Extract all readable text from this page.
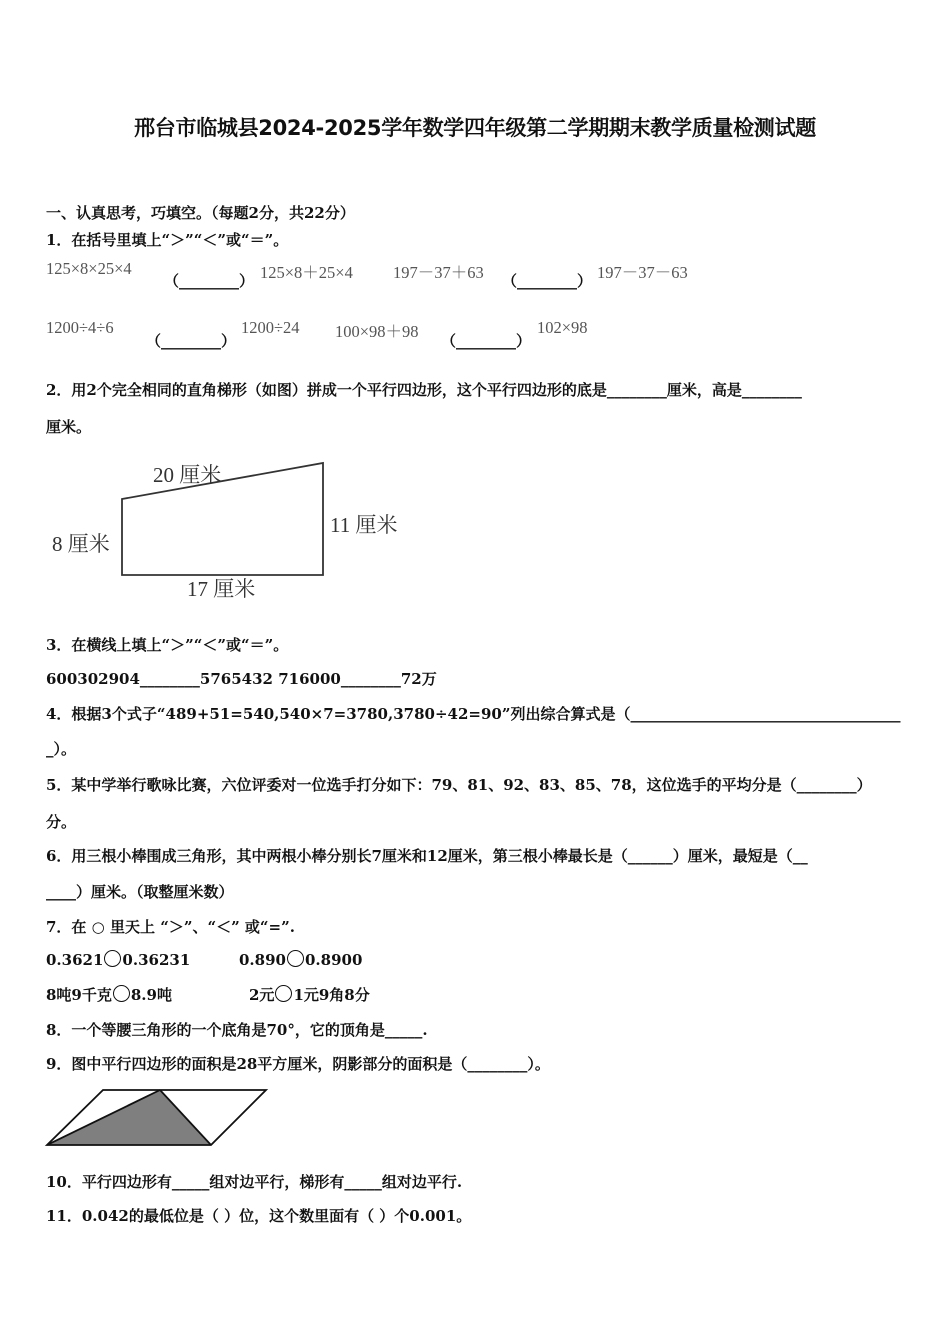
邢台市临城县2024-2025学年数学四年级第二学期期末教学质量检测试题
一、认真思考，巧填空。（每题2分，共22分）
1．在括号里填上“＞”“＜”或“＝”。
125×8×25×4
（________） 125×8＋25×4 197－37＋63 （________） 197－37－63
1200÷4÷6
（________）
1200÷24 100×98＋98 （________）
102×98
2．用2个完全相同的直角梯形（如图）拼成一个平行四边形，这个平行四边形的底是________厘米，高是________
厘米。
20 厘米
8 厘米
11 厘米
17 厘米
3．在横线上填上“＞”“＜”或“＝”。
600302904________5765432 716000________72万
4．根据3个式子“489+51=540,540×7=3780,3780÷42=90”列出综合算式是（____________________________________
_）。
5．某中学举行歌咏比赛，六位评委对一位选手打分如下：79、81、92、83、85、78，这位选手的平均分是（________）
分。
6．用三根小棒围成三角形，其中两根小棒分别长7厘米和12厘米，第三根小棒最长是（______）厘米，最短是（__
____）厘米。（取整厘米数）
7．在 ○ 里天上 “＞”、“＜” 或“=”.
0.3621 0.36231	0.890 0.8900
8吨9千克 8.9吨	2元 1元9角8分
8．一个等腰三角形的一个底角是70°，它的顶角是_____.
9．图中平行四边形的面积是28平方厘米，阴影部分的面积是（________）。
10．平行四边形有_____组对边平行，梯形有_____组对边平行.
11．0.042的最低位是（ ）位，这个数里面有（ ）个0.001。
